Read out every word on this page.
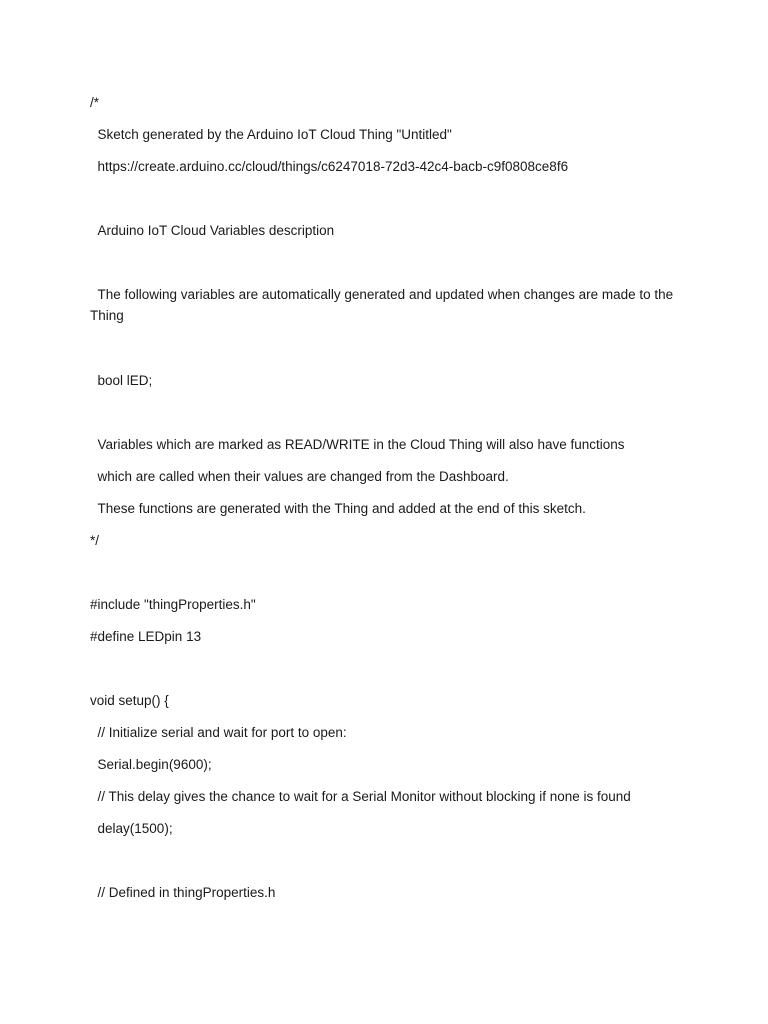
/*
Sketch generated by the Arduino IoT Cloud Thing "Untitled"
https://create.arduino.cc/cloud/things/c6247018-72d3-42c4-bacb-c9f0808ce8f6
Arduino IoT Cloud Variables description
The following variables are automatically generated and updated when changes are made to the Thing
bool lED;
Variables which are marked as READ/WRITE in the Cloud Thing will also have functions
which are called when their values are changed from the Dashboard.
These functions are generated with the Thing and added at the end of this sketch.
*/
#include "thingProperties.h"
#define LEDpin 13
void setup() {
// Initialize serial and wait for port to open:
Serial.begin(9600);
// This delay gives the chance to wait for a Serial Monitor without blocking if none is found
delay(1500);
// Defined in thingProperties.h
